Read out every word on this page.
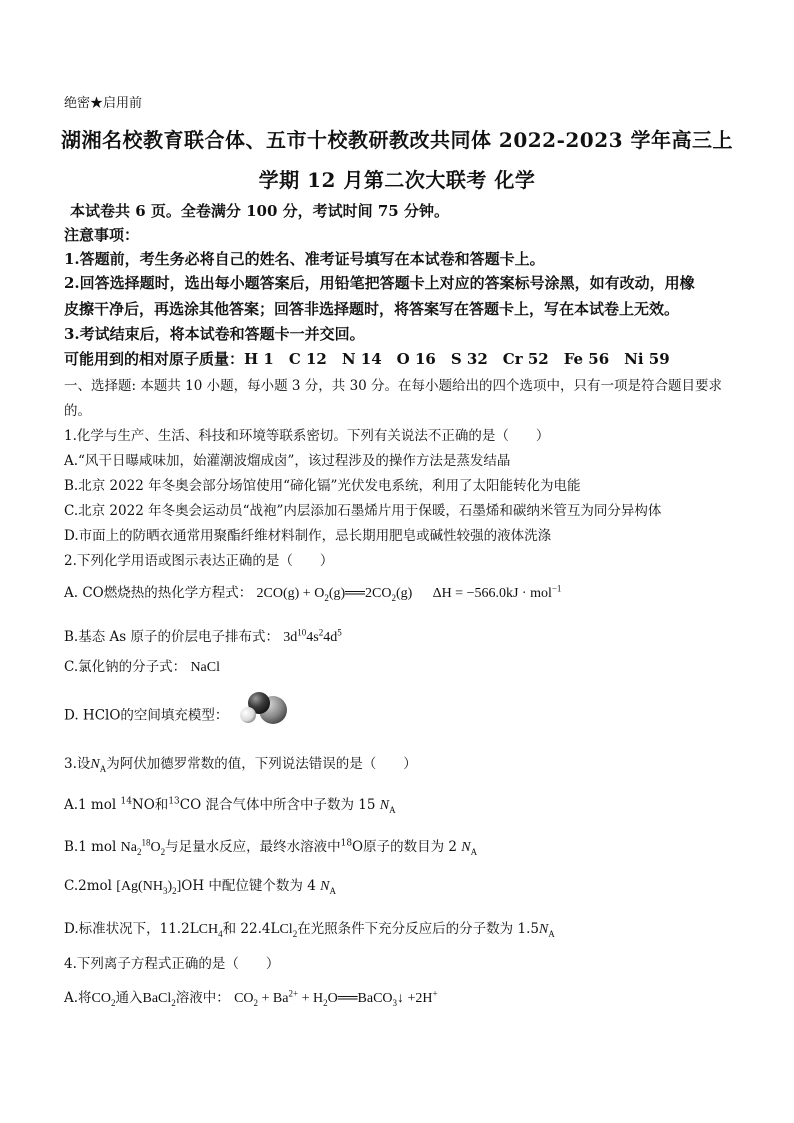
绝密★启用前
湖湘名校教育联合体、五市十校教研教改共同体 2022-2023 学年高三上
学期 12 月第二次大联考 化学
本试卷共 6 页。全卷满分 100 分，考试时间 75 分钟。
注意事项：
1.答题前，考生务必将自己的姓名、准考证号填写在本试卷和答题卡上。
2.回答选择题时，选出每小题答案后，用铅笔把答题卡上对应的答案标号涂黑，如有改动，用橡
皮擦干净后，再选涂其他答案；回答非选择题时，将答案写在答题卡上，写在本试卷上无效。
3.考试结束后，将本试卷和答题卡一并交回。
可能用到的相对原子质量：H 1　C 12　N 14　O 16　S 32　Cr 52　Fe 56　Ni 59
一、选择题: 本题共 10 小题，每小题 3 分，共 30 分。在每小题给出的四个选项中，只有一项是符合题目要求
的。
1.化学与生产、生活、科技和环境等联系密切。下列有关说法不正确的是（　　）
A.“风干日曝咸味加，始灌潮波熘成卤”，该过程涉及的操作方法是蒸发结晶
B.北京 2022 年冬奥会部分场馆使用“碲化镉”光伏发电系统，利用了太阳能转化为电能
C.北京 2022 年冬奥会运动员“战袍”内层添加石墨烯片用于保暖，石墨烯和碳纳米管互为同分异构体
D.市面上的防晒衣通常用聚酯纤维材料制作，忌长期用肥皂或碱性较强的液体洗涤
2.下列化学用语或图示表达正确的是（　　）
A. CO燃烧热的热化学方程式： $2CO(g) + O_2(g)══2CO_2(g) \Delta H = -566.0kJ \cdot mol^{-1}$
B.基态 As 原子的价层电子排布式： $3d^{10}4s^24d^5$
C.氯化钠的分子式： NaCl
D. HClO的空间填充模型：
3.设$N_A$为阿伏加德罗常数的值，下列说法错误的是（　　）
A.1 mol $^{14}$NO和$^{13}$CO 混合气体中所含中子数为 15 $N_A$
B.1 mol $Na_2^{18}O_2$与足量水反应，最终水溶液中$^{18}$O原子的数目为 2 $N_A$
C.2mol $[Ag(NH_3)_2]OH$ 中配位键个数为 4 $N_A$
D.标准状况下，$11.2LCH_4$和 22.4LCl$_2$在光照条件下充分反应后的分子数为 $1.5N_A$
4.下列离子方程式正确的是（　　）
A.将$CO_2$通入BaCl$_2$溶液中： $CO_2 + Ba^{2+}$ + $H_2O══BaCO_3↓ +2H^+$
